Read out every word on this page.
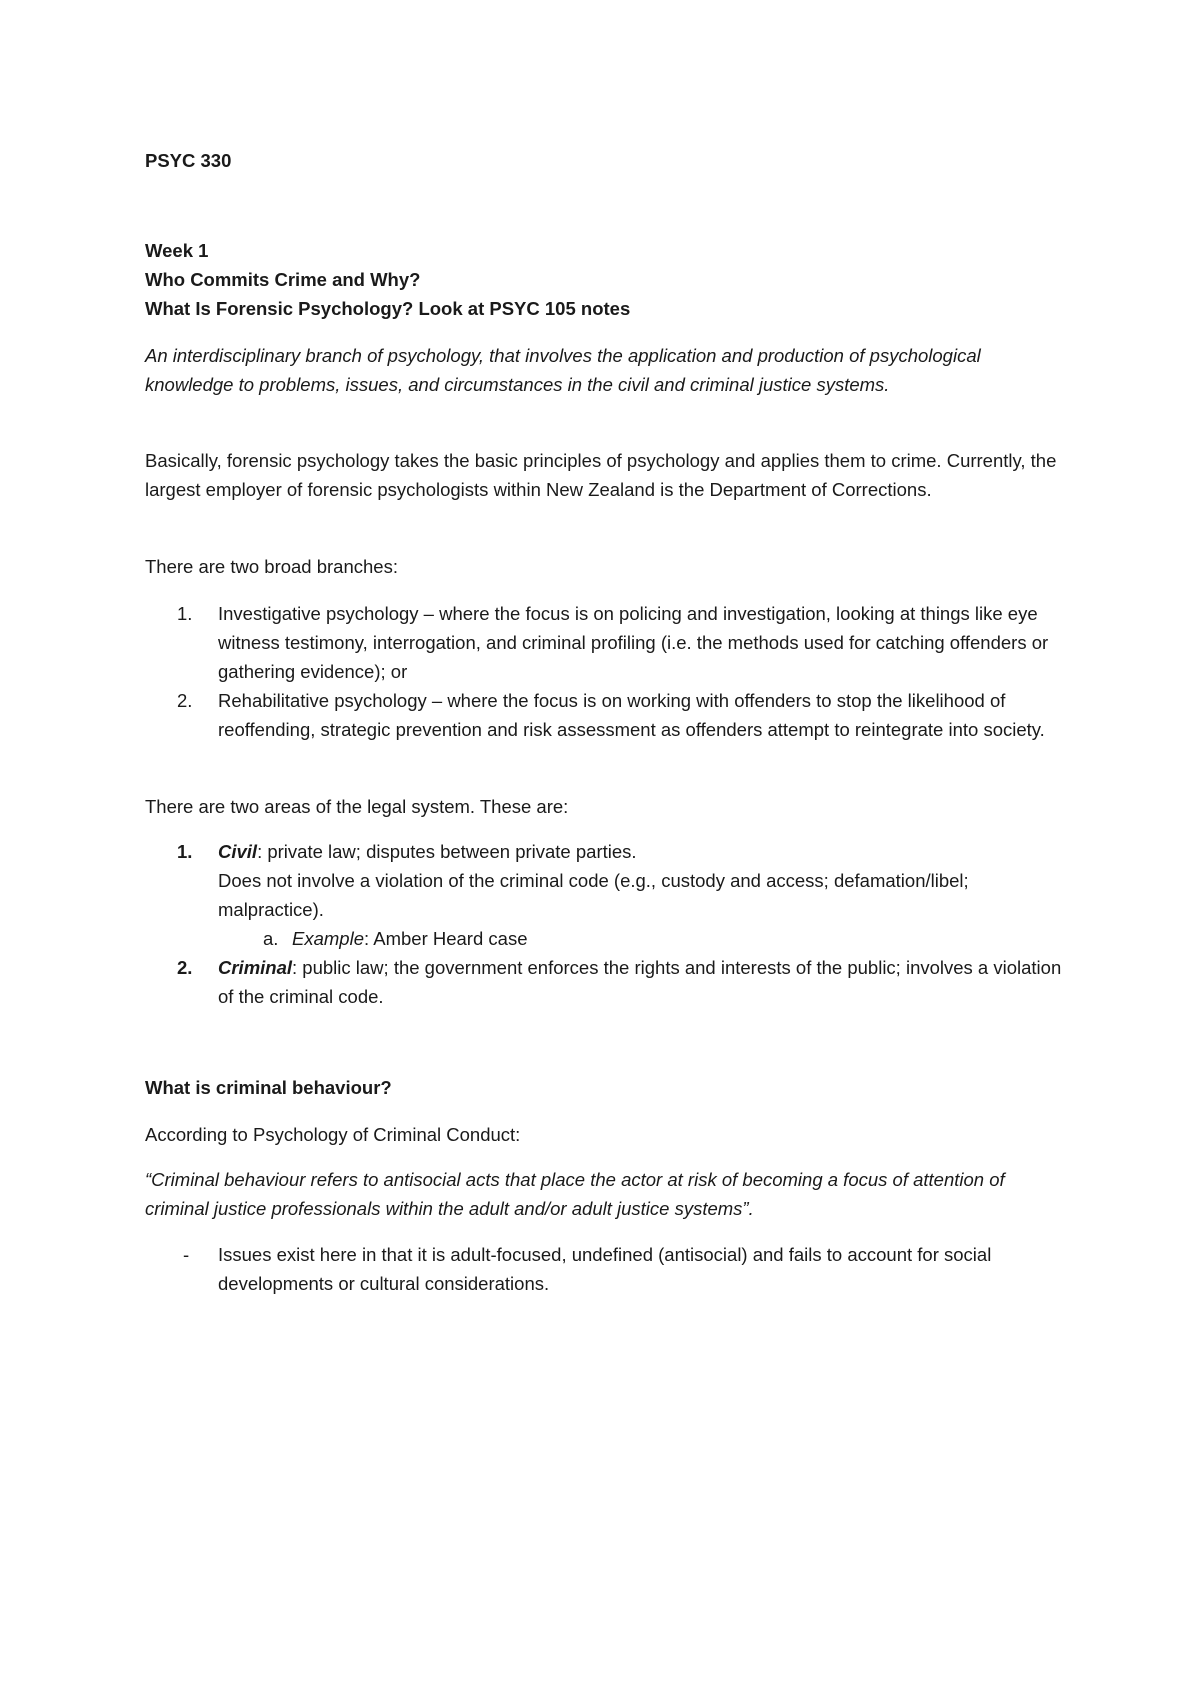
PSYC 330
Week 1
Who Commits Crime and Why?
What Is Forensic Psychology? Look at PSYC 105 notes
An interdisciplinary branch of psychology, that involves the application and production of psychological knowledge to problems, issues, and circumstances in the civil and criminal justice systems.
Basically, forensic psychology takes the basic principles of psychology and applies them to crime. Currently, the largest employer of forensic psychologists within New Zealand is the Department of Corrections.
There are two broad branches:
1. Investigative psychology – where the focus is on policing and investigation, looking at things like eye witness testimony, interrogation, and criminal profiling (i.e. the methods used for catching offenders or gathering evidence); or
2. Rehabilitative psychology – where the focus is on working with offenders to stop the likelihood of reoffending, strategic prevention and risk assessment as offenders attempt to reintegrate into society.
There are two areas of the legal system. These are:
1. Civil: private law; disputes between private parties.
Does not involve a violation of the criminal code (e.g., custody and access; defamation/libel; malpractice).
a. Example: Amber Heard case
2. Criminal: public law; the government enforces the rights and interests of the public; involves a violation of the criminal code.
What is criminal behaviour?
According to Psychology of Criminal Conduct:
“Criminal behaviour refers to antisocial acts that place the actor at risk of becoming a focus of attention of criminal justice professionals within the adult and/or adult justice systems”.
- Issues exist here in that it is adult-focused, undefined (antisocial) and fails to account for social developments or cultural considerations.
